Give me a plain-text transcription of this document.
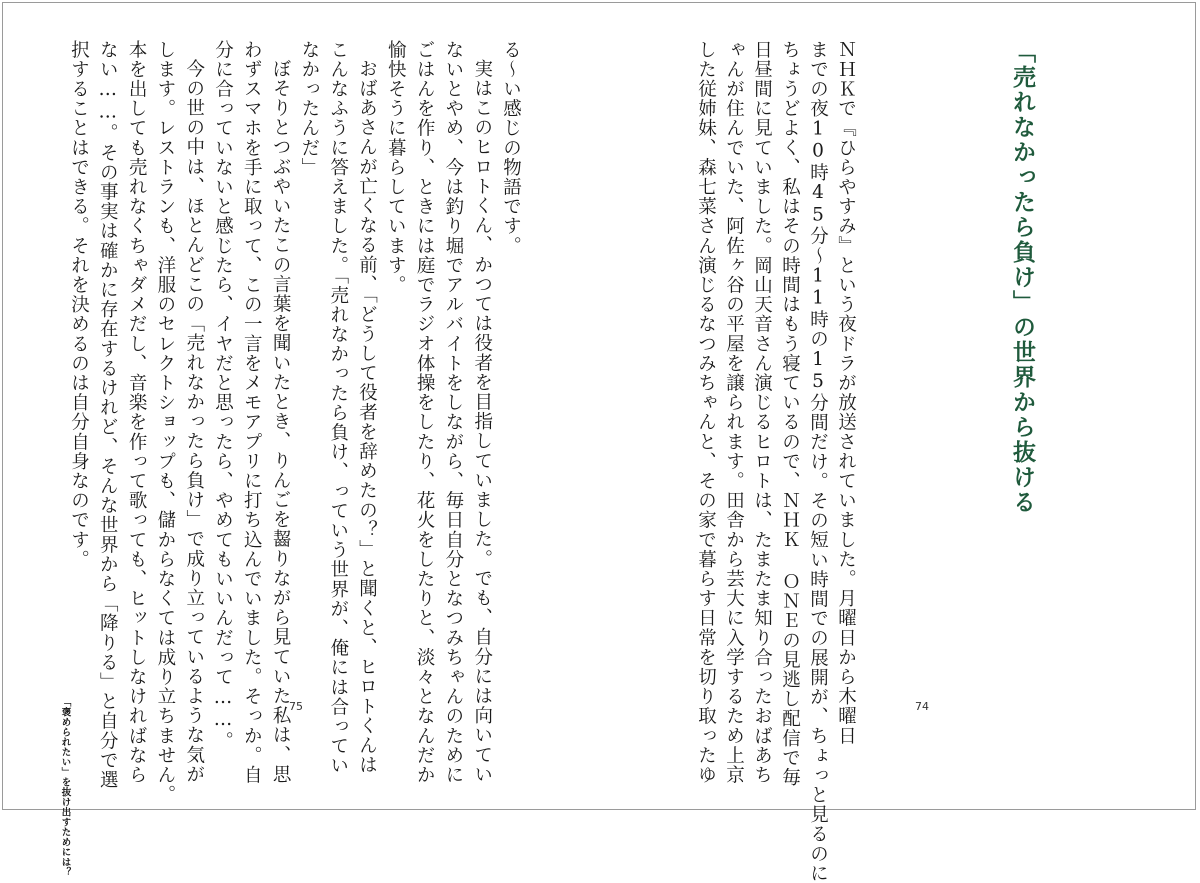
「売れなかったら負け」の世界から抜ける
ＮＨＫで『ひらやすみ』という夜ドラが放送されていました。月曜日から木曜日
までの夜10時45分〜11時の15分間だけ。その短い時間での展開が、ちょっと見るのに
ちょうどよく、私はその時間はもう寝ているので、ＮＨＫ ＯＮＥの見逃し配信で毎
日昼間に見ていました。岡山天音さん演じるヒロトは、たまたま知り合ったおばあち
ゃんが住んでいた、阿佐ヶ谷の平屋を譲られます。田舎から芸大に入学するため上京
した従姉妹、森七菜さん演じるなつみちゃんと、その家で暮らす日常を切り取ったゆ	74
る〜い感じの物語です。
実はこのヒロトくん、かつては役者を目指していました。でも、自分には向いてい
ないとやめ、今は釣り堀でアルバイトをしながら、毎日自分となつみちゃんのために
ごはんを作り、ときには庭でラジオ体操をしたり、花火をしたりと、淡々となんだか
愉快そうに暮らしています。
おばあさんが亡くなる前、「どうして役者を辞めたの？」と聞くと、ヒロトくんは
こんなふうに答えました。「売れなかったら負け、っていう世界が、俺には合ってい
なかったんだ」
ぼそりとつぶやいたこの言葉を聞いたとき、りんごを齧りながら見ていた私は、思
わずスマホを手に取って、この一言をメモアプリに打ち込んでいました。そっか。自
分に合っていないと感じたら、イヤだと思ったら、やめてもいいんだって……。
今の世の中は、ほとんどこの「売れなかったら負け」で成り立っているような気が
します。レストランも、洋服のセレクトショップも、儲からなくては成り立ちません。
本を出しても売れなくちゃダメだし、音楽を作って歌っても、ヒットしなければなら
ない……。その事実は確かに存在するけれど、そんな世界から「降りる」と自分で選
択することはできる。それを決めるのは自分自身なのです。
75
「褒められたい」を抜け出すためには？
